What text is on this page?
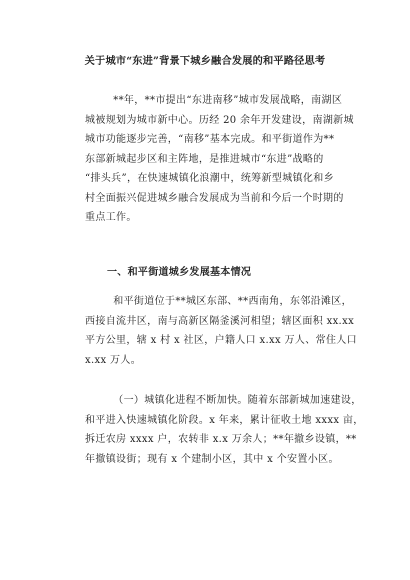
关于城市“东进”背景下城乡融合发展的和平路径思考

**年，**市提出“东进南移”城市发展战略，南湖区
城被规划为城市新中心。历经 20 余年开发建设，南湖新城
城市功能逐步完善，“南移”基本完成。和平街道作为**
东部新城起步区和主阵地，是推进城市“东进”战略的
“排头兵”，在快速城镇化浪潮中，统筹新型城镇化和乡
村全面振兴促进城乡融合发展成为当前和今后一个时期的
重点工作。

一、和平街道城乡发展基本情况

和平街道位于**城区东部、**西南角，东邻沿滩区，
西接自流井区，南与高新区隔釜溪河相望；辖区面积 xx.xx
平方公里，辖 x 村 x 社区，户籍人口 x.xx 万人、常住人口
x.xx 万人。

（一）城镇化进程不断加快。随着东部新城加速建设，
和平进入快速城镇化阶段。x 年来，累计征收土地 xxxx 亩，
拆迁农房 xxxx 户，农转非 x.x 万余人；**年撤乡设镇，**
年撤镇设街；现有 x 个建制小区，其中 x 个安置小区。
